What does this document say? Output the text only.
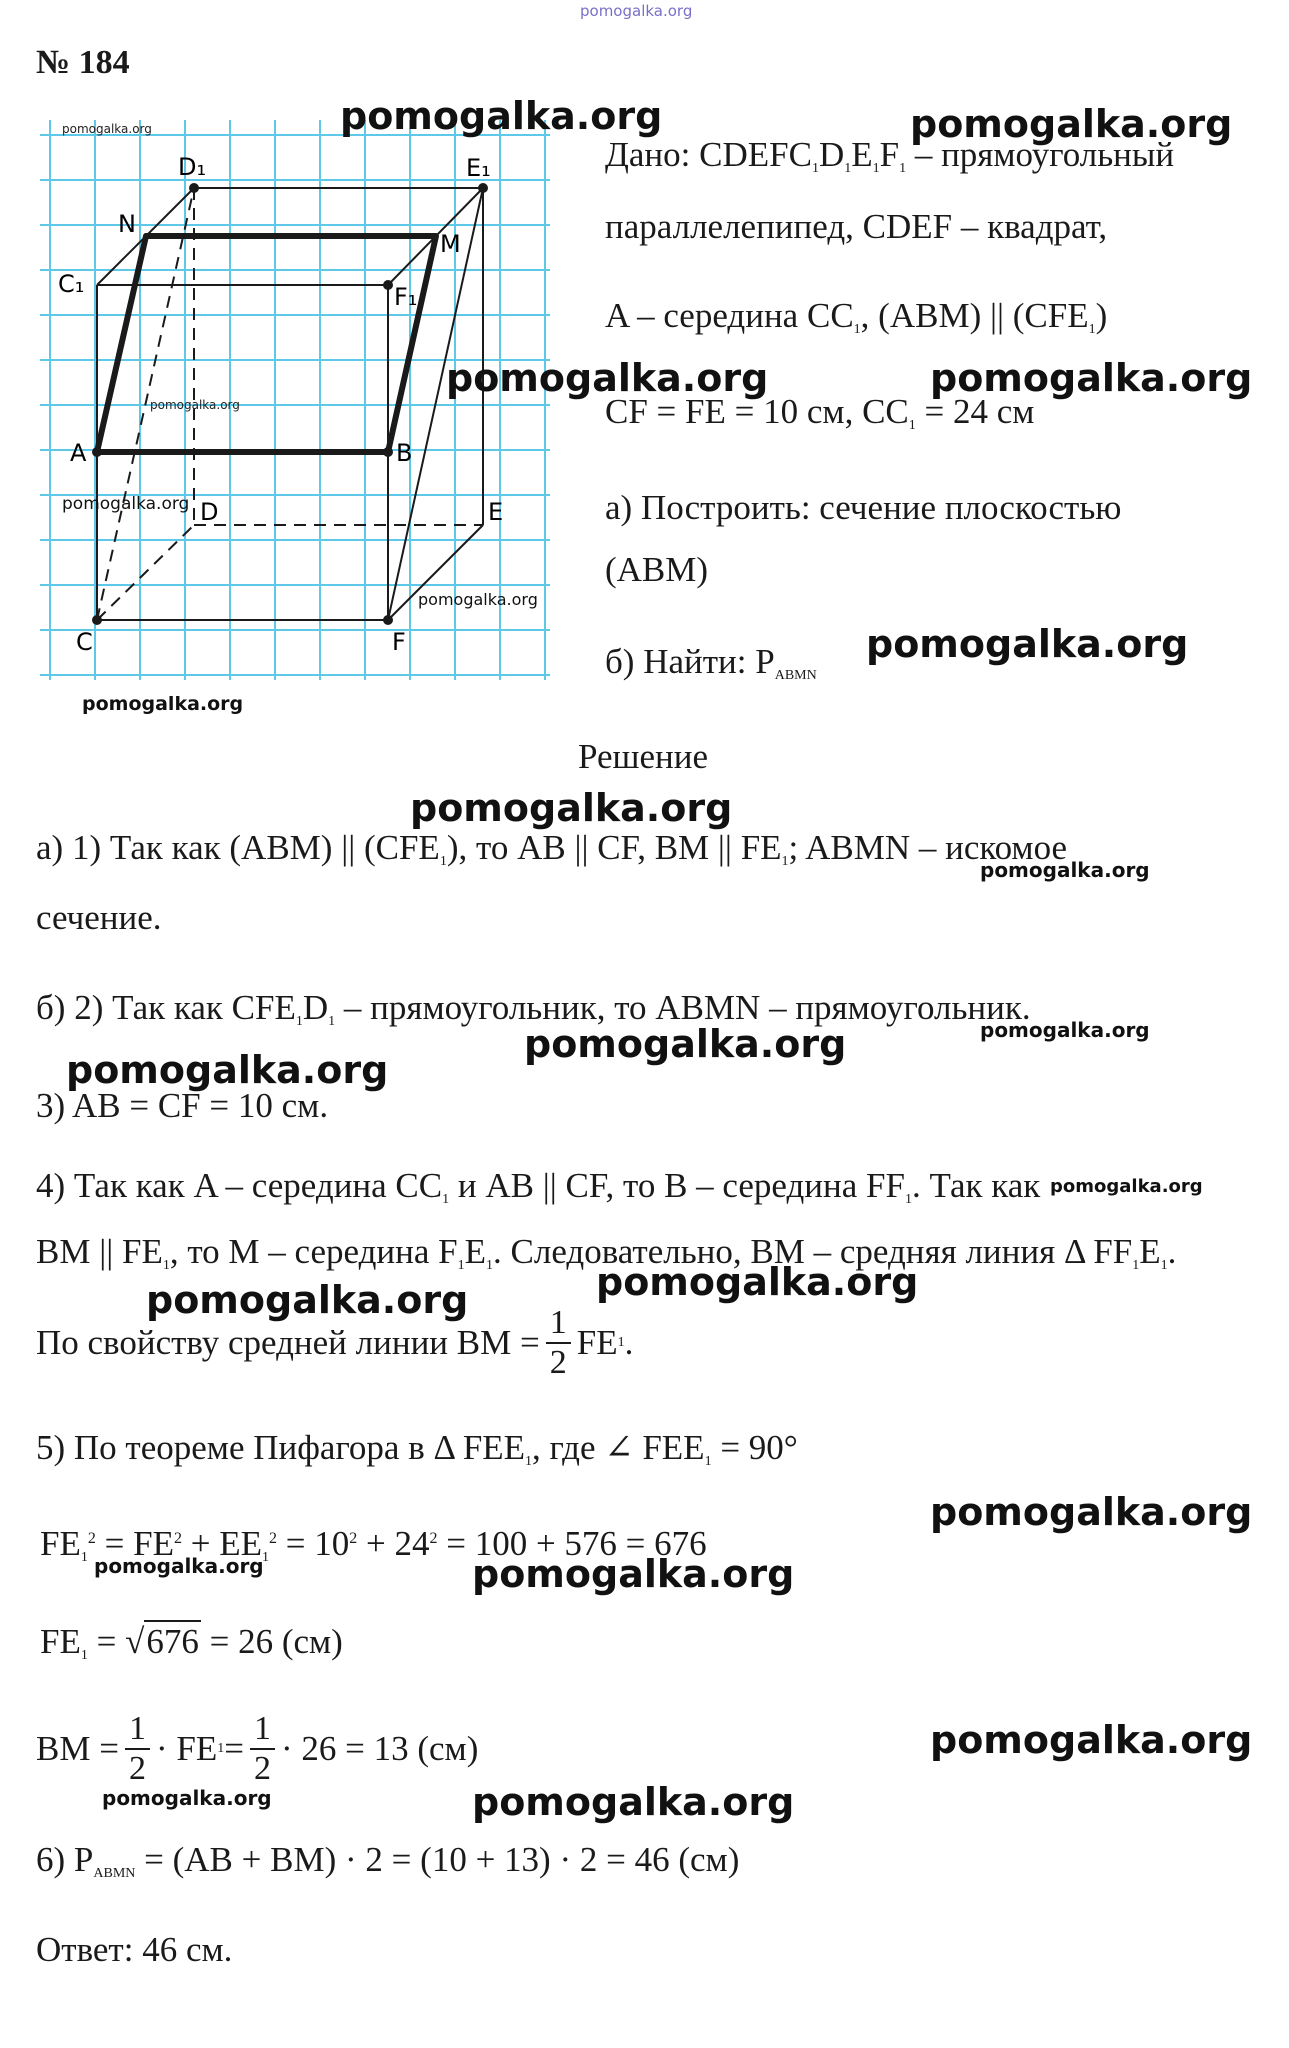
pomogalka.org
№ 184
D₁	E₁
N
M
C₁	F₁
A	B
D	E
C	F
pomogalka.org
pomogalka.org
pomogalka.org
pomogalka.org
pomogalka.org
Дано: $CDEFC_1D_1E_1F_1$ – прямоугольный
параллелепипед, CDEF – квадрат,
A – середина $CC_1$, (ABM) || $(CFE_1)$
CF = FE = 10 см, $CC_1 = 24$ см
а) Построить: сечение плоскостью
(ABM)
б) Найти: $P_{ABMN}$
pomogalka.org	pomogalka.org
pomogalka.org	pomogalka.org
pomogalka.org
Решение
pomogalka.org
а) 1) Так как (ABM) || $(CFE_1)$, то AB || CF, BM || $FE_1$; ABMN – искомое
pomogalka.org
сечение.
б) 2) Так как $CFE_1D_1$ – прямоугольник, то ABMN – прямоугольник.
pomogalka.org	pomogalka.org
pomogalka.org
3) AB = CF = 10 см.
4) Так как A – середина $CC_1$ и AB || CF, то B – середина $FF_1$. Так как pomogalka.org
BM || $FE_1$, то M – середина $F_1E_1$. Следовательно, BM – средняя линия Δ $FF_1E_1$.
pomogalka.org
pomogalka.org
По свойству средней линии BM = $\frac{1}{2}$ FE 1 .
5) По теореме Пифагора в Δ $FEE_1$, где ∠ $FEE_1 = 90^\circ$
pomogalka.org
$FE_1^2 = FE^2 + EE_1^2 = 10^2 + 24^2 = 100 + 576 = 676$
pomogalka.org	pomogalka.org
$FE_1 = √676 = 26$ (см)
pomogalka.org
BM = $\frac{1}{2}$ · FE $1 = \frac{1}{2} \cdot 26 = 13$ (см)
pomogalka.org	pomogalka.org
6) $P_{ABMN} = (AB + BM) \cdot 2 = (10 + 13) \cdot 2 = 46$ (см)
Ответ: 46 см.
